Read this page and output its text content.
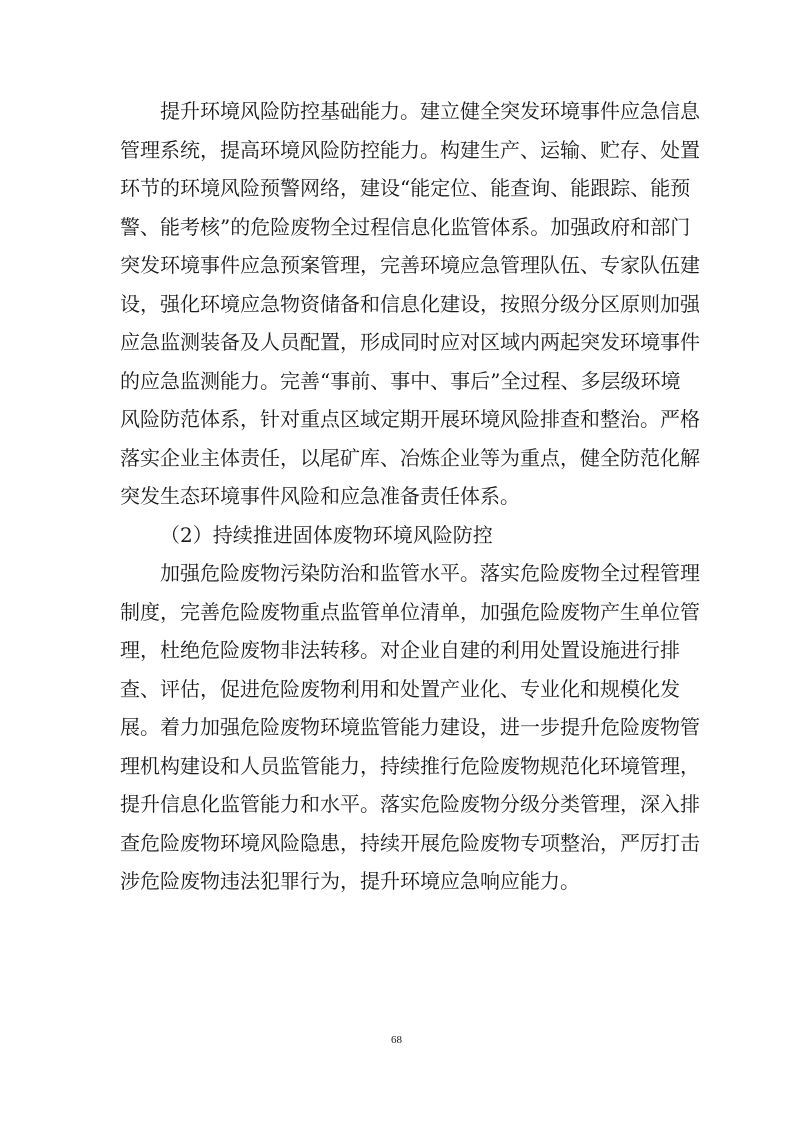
提升环境风险防控基础能力。建立健全突发环境事件应急信息
管理系统，提高环境风险防控能力。构建生产、运输、贮存、处置
环节的环境风险预警网络，建设“能定位、能查询、能跟踪、能预
警、能考核”的危险废物全过程信息化监管体系。加强政府和部门
突发环境事件应急预案管理，完善环境应急管理队伍、专家队伍建
设，强化环境应急物资储备和信息化建设，按照分级分区原则加强
应急监测装备及人员配置，形成同时应对区域内两起突发环境事件
的应急监测能力。完善“事前、事中、事后”全过程、多层级环境
风险防范体系，针对重点区域定期开展环境风险排查和整治。严格
落实企业主体责任，以尾矿库、冶炼企业等为重点，健全防范化解
突发生态环境事件风险和应急准备责任体系。
（2）持续推进固体废物环境风险防控
加强危险废物污染防治和监管水平。落实危险废物全过程管理
制度，完善危险废物重点监管单位清单，加强危险废物产生单位管
理，杜绝危险废物非法转移。对企业自建的利用处置设施进行排
查、评估，促进危险废物利用和处置产业化、专业化和规模化发
展。着力加强危险废物环境监管能力建设，进一步提升危险废物管
理机构建设和人员监管能力，持续推行危险废物规范化环境管理，
提升信息化监管能力和水平。落实危险废物分级分类管理，深入排
查危险废物环境风险隐患，持续开展危险废物专项整治，严厉打击
涉危险废物违法犯罪行为，提升环境应急响应能力。
68
